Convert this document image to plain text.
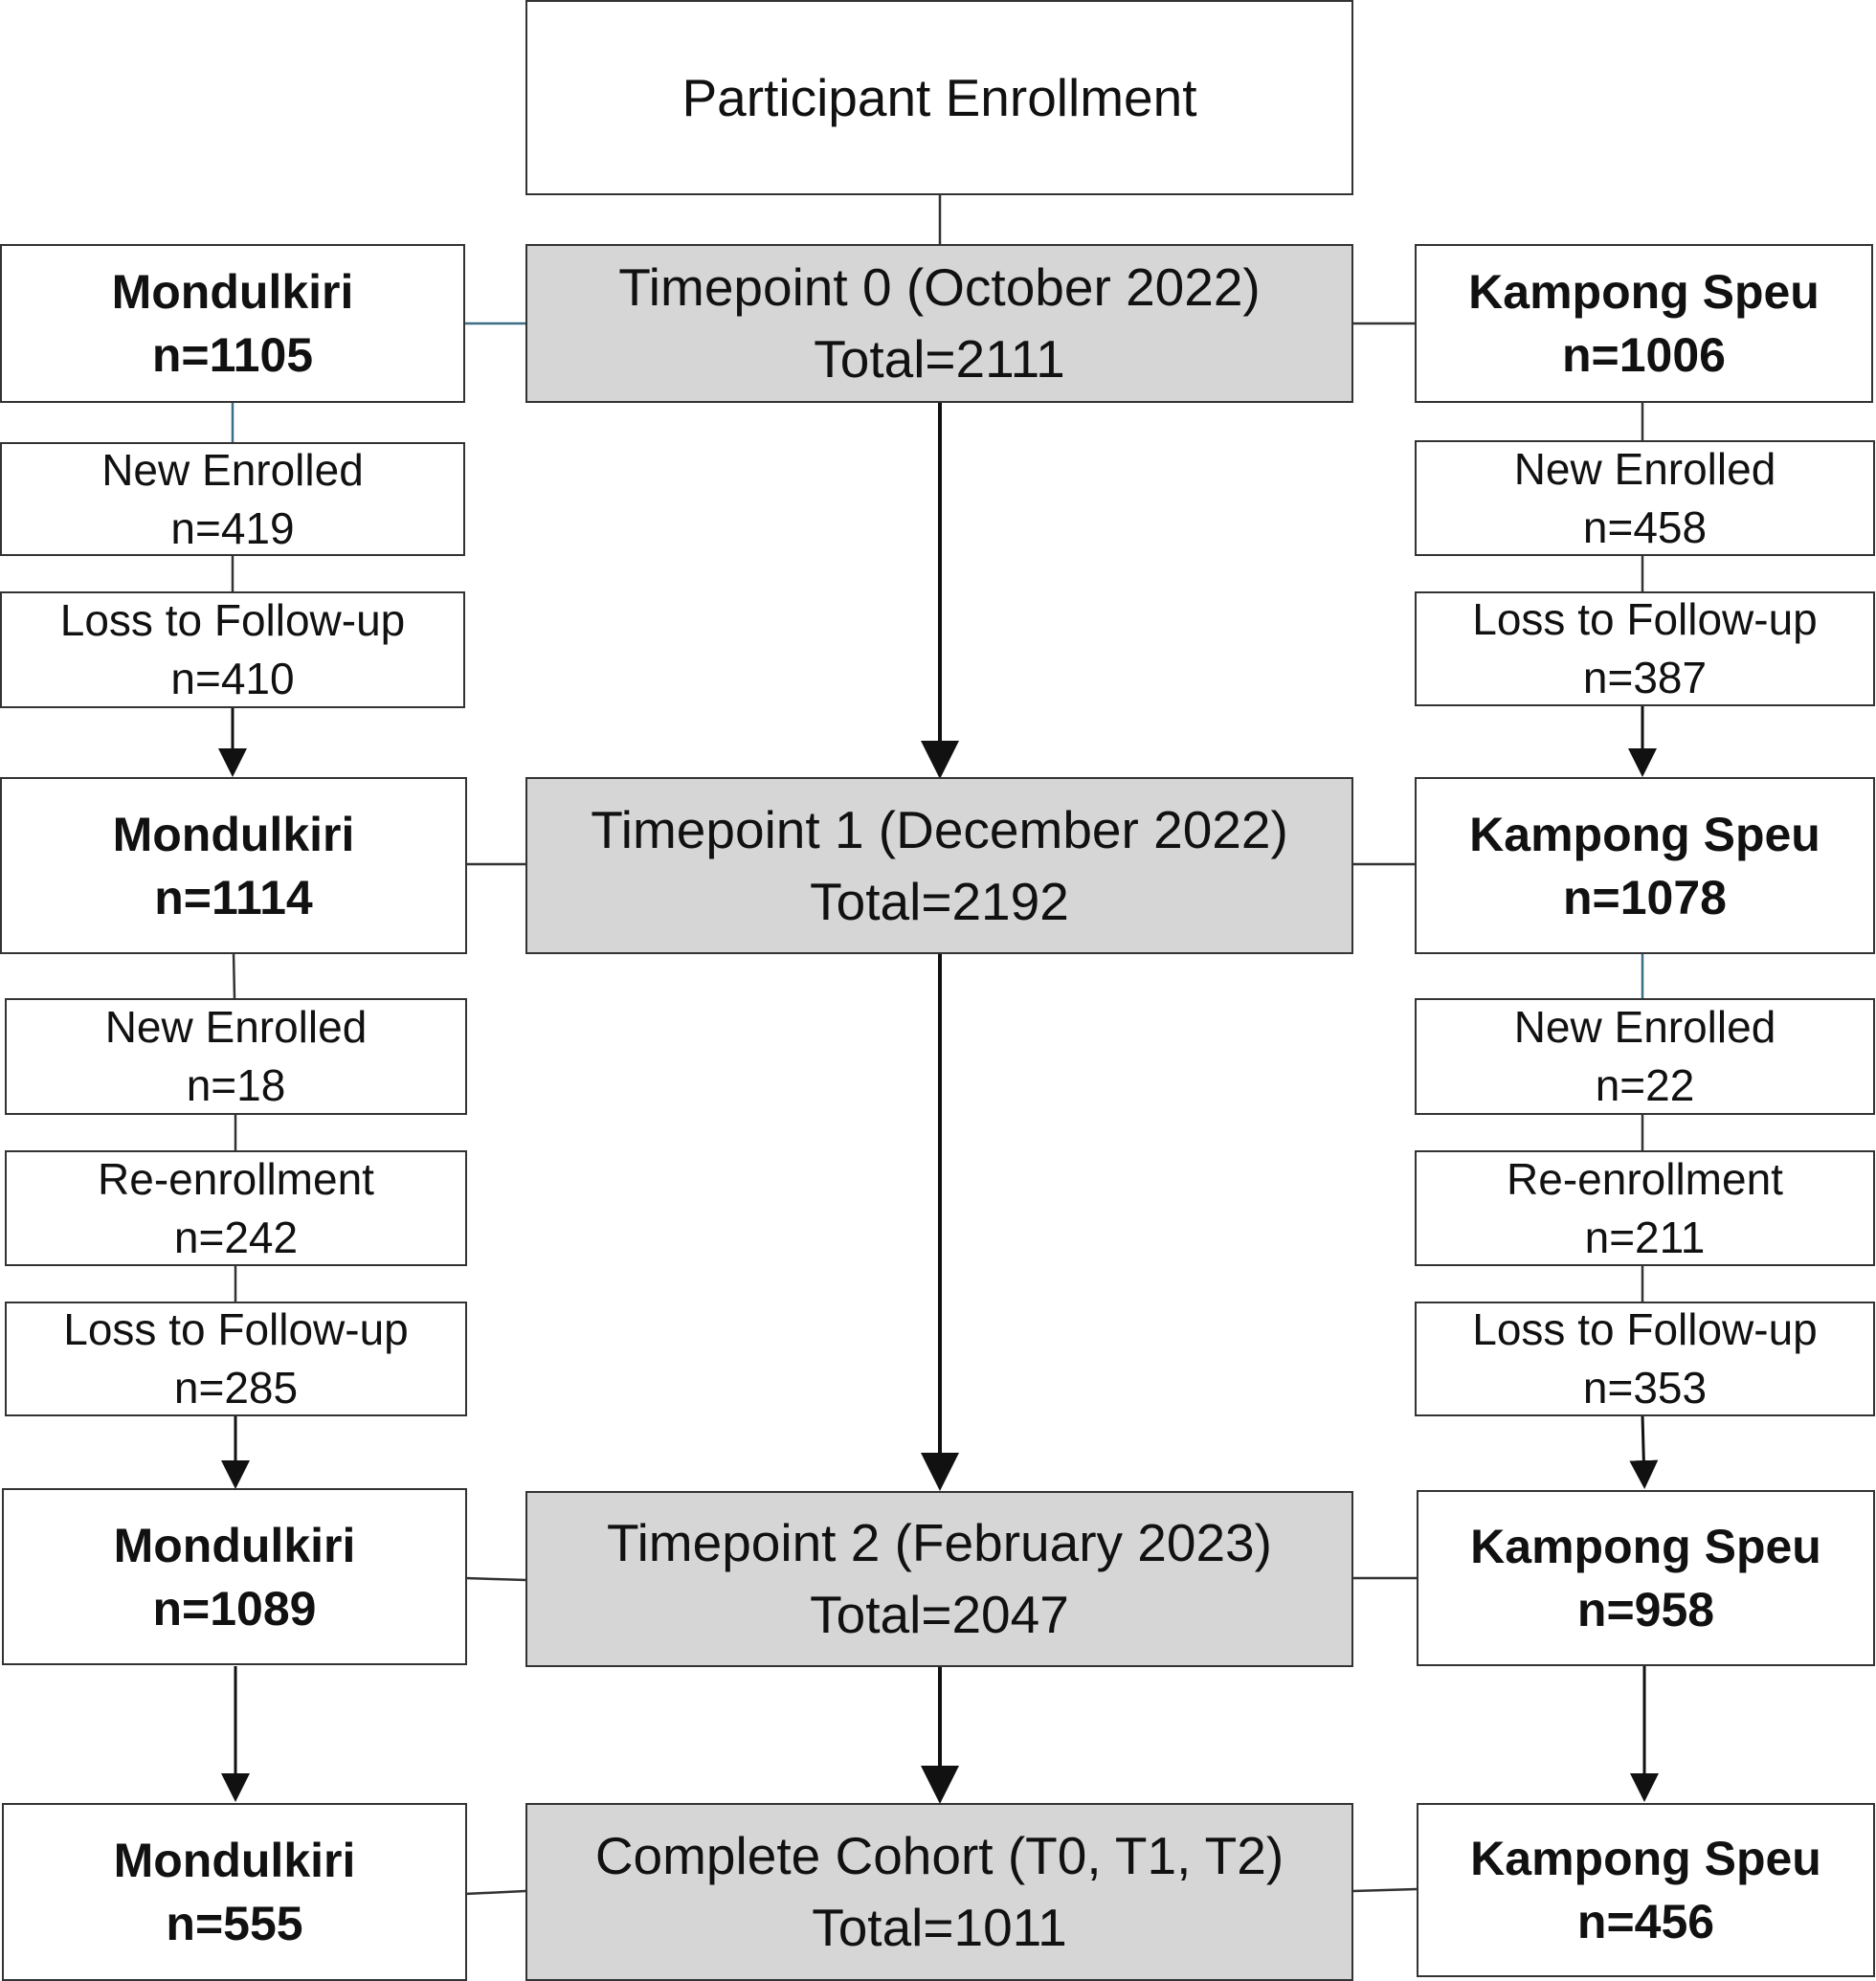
Participant Enrollment
Mondulkiri
n=1105
Timepoint 0 (October 2022)
Total=2111
Kampong Speu
n=1006
New Enrolled
n=419
Loss to Follow-up
n=410
New Enrolled
n=458
Loss to Follow-up
n=387
Mondulkiri
n=1114
Timepoint 1 (December 2022)
Total=2192
Kampong Speu
n=1078
New Enrolled
n=18
Re-enrollment
n=242
Loss to Follow-up
n=285
New Enrolled
n=22
Re-enrollment
n=211
Loss to Follow-up
n=353
Mondulkiri
n=1089
Timepoint 2 (February 2023)
Total=2047
Kampong Speu
n=958
Mondulkiri
n=555
Complete Cohort (T0, T1, T2)
Total=1011
Kampong Speu
n=456
